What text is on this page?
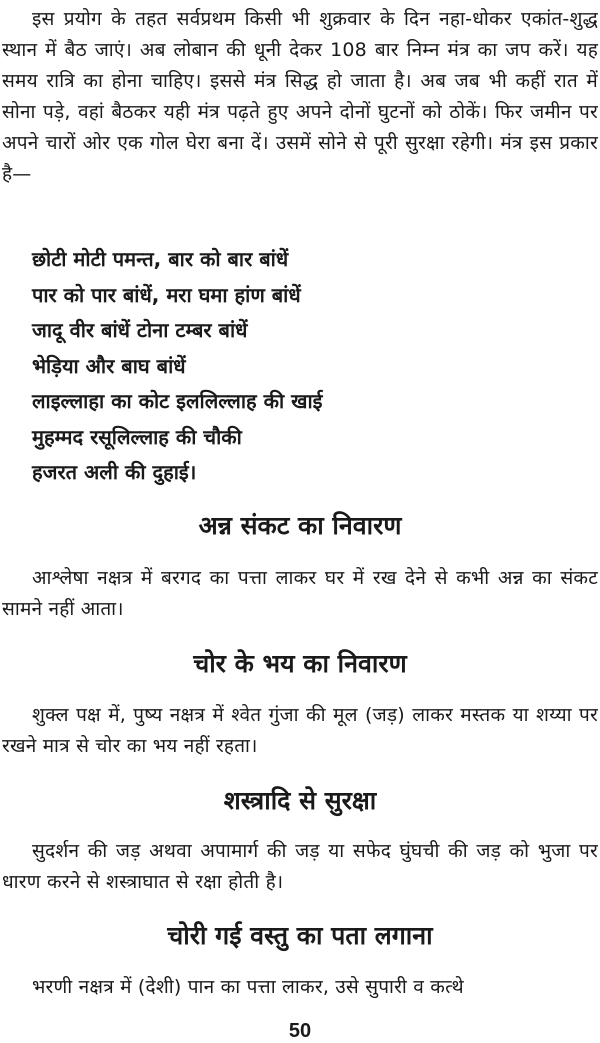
इस प्रयोग के तहत सर्वप्रथम किसी भी शुक्रवार के दिन नहा-धोकर एकांत-शुद्ध स्थान में बैठ जाएं। अब लोबान की धूनी देकर 108 बार निम्न मंत्र का जप करें। यह समय रात्रि का होना चाहिए। इससे मंत्र सिद्ध हो जाता है। अब जब भी कहीं रात में सोना पड़े, वहां बैठकर यही मंत्र पढ़ते हुए अपने दोनों घुटनों को ठोकें। फिर जमीन पर अपने चारों ओर एक गोल घेरा बना दें। उसमें सोने से पूरी सुरक्षा रहेगी। मंत्र इस प्रकार है—

छोटी मोटी पमन्त, बार को बार बांधें
पार को पार बांधें, मरा घमा हांण बांधें
जादू वीर बांधें टोना टम्बर बांधें
भेड़िया और बाघ बांधें
लाइल्लाहा का कोट इललिल्लाह की खाई
मुहम्मद रसूलिल्लाह की चौकी
हजरत अली की दुहाई।
अन्न संकट का निवारण

आश्लेषा नक्षत्र में बरगद का पत्ता लाकर घर में रख देने से कभी अन्न का संकट सामने नहीं आता।

चोर के भय का निवारण

शुक्ल पक्ष में, पुष्य नक्षत्र में श्वेत गुंजा की मूल (जड़) लाकर मस्तक या शय्या पर रखने मात्र से चोर का भय नहीं रहता।

शस्त्रादि से सुरक्षा

सुदर्शन की जड़ अथवा अपामार्ग की जड़ या सफेद घुंघची की जड़ को भुजा पर धारण करने से शस्त्राघात से रक्षा होती है।

चोरी गई वस्तु का पता लगाना

भरणी नक्षत्र में (देशी) पान का पत्ता लाकर, उसे सुपारी व कत्थे

50
